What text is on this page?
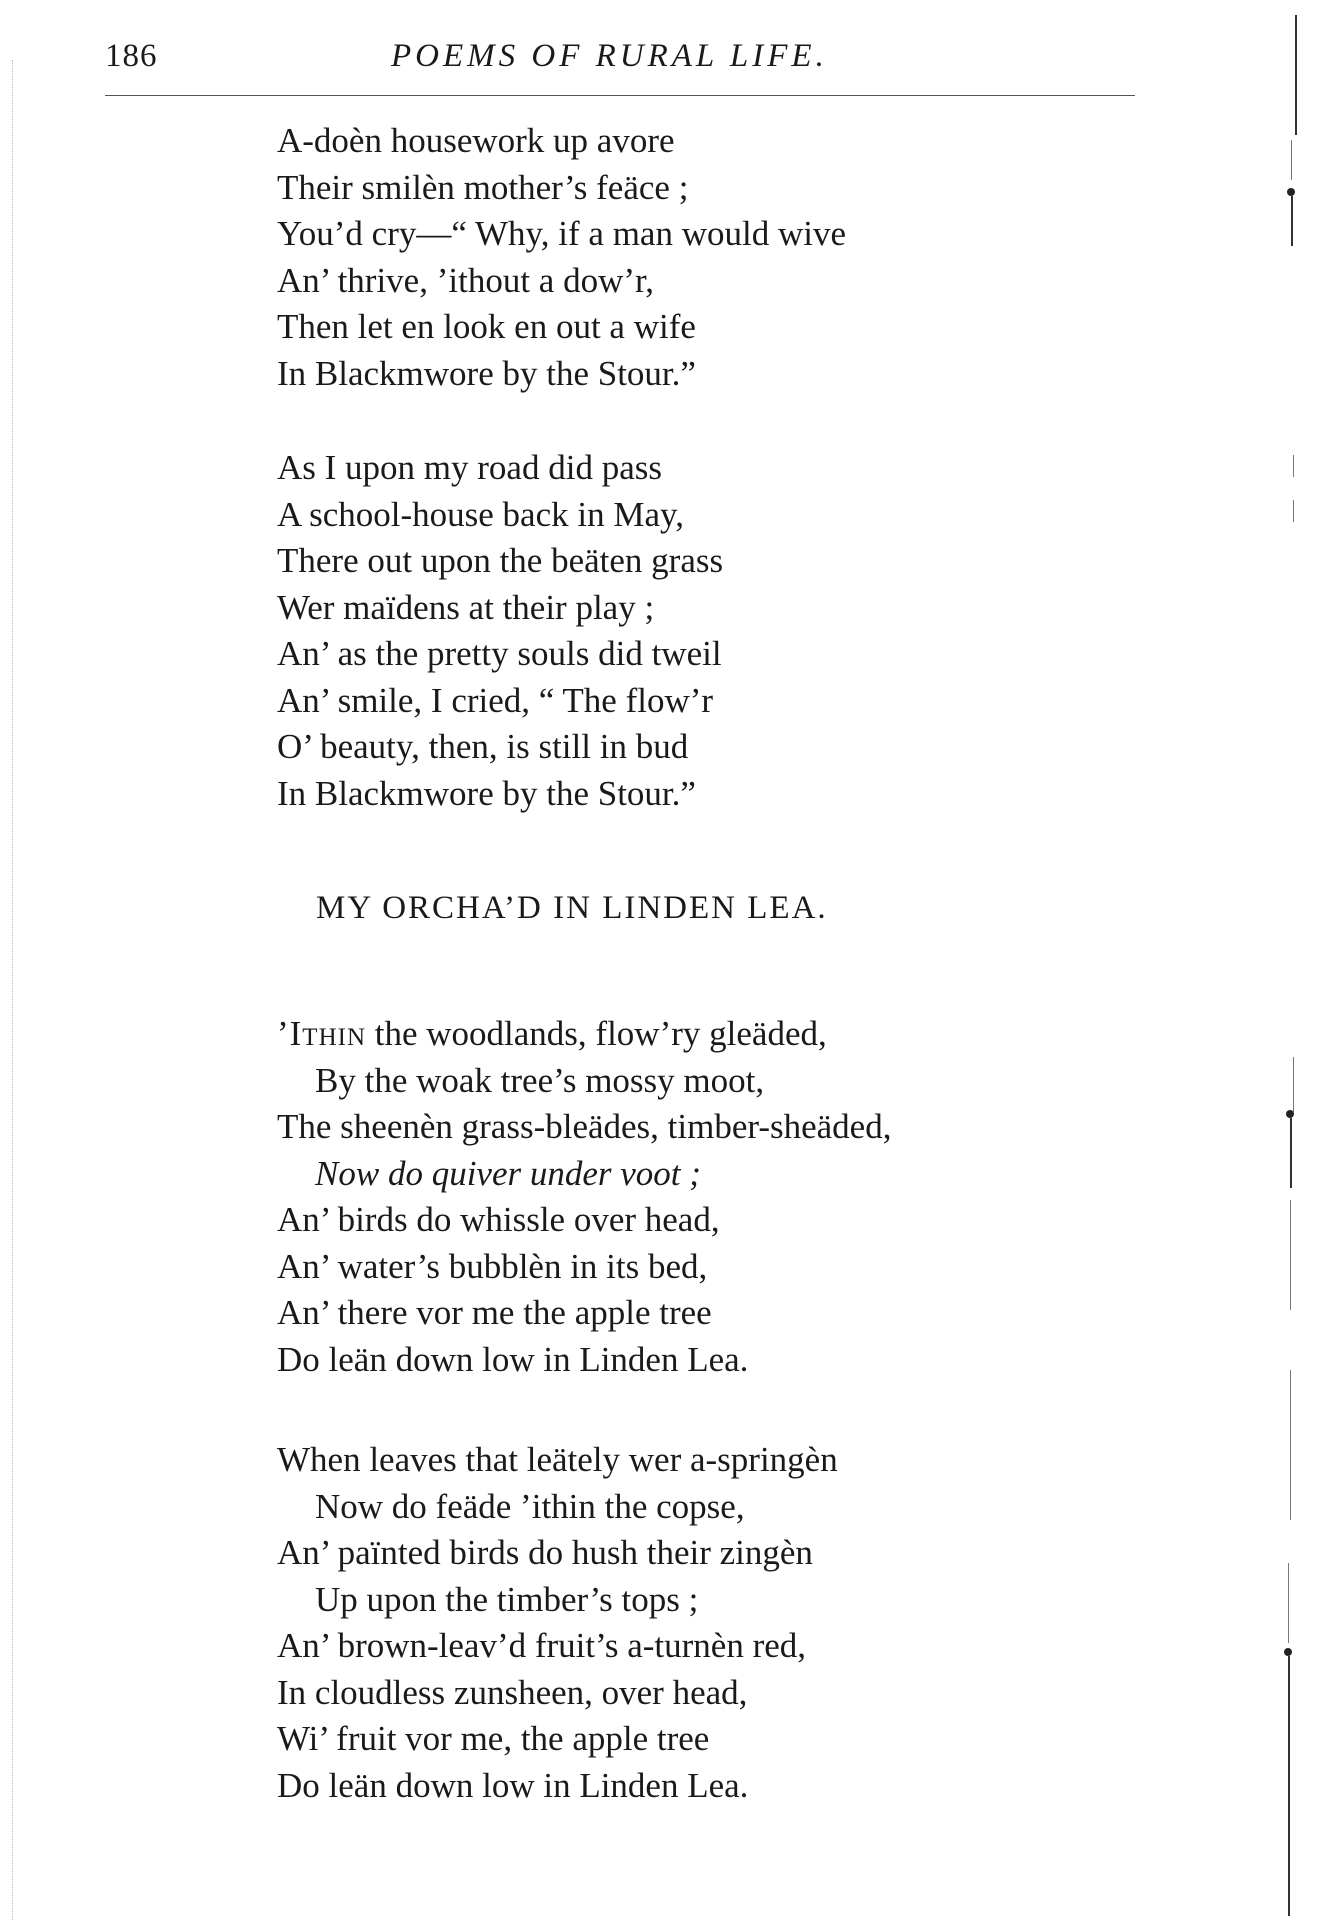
186	POEMS OF RURAL LIFE.
A-doèn housework up avore
Their smilèn mother’s feäce ;
You’d cry—“ Why, if a man would wive
An’ thrive, ’ithout a dow’r,
Then let en look en out a wife
In Blackmwore by the Stour.”
As I upon my road did pass
A school-house back in May,
There out upon the beäten grass
Wer maïdens at their play ;
An’ as the pretty souls did tweil
An’ smile, I cried, “ The flow’r
O’ beauty, then, is still in bud
In Blackmwore by the Stour.”
MY ORCHA’D IN LINDEN LEA.
’Ithin the woodlands, flow’ry gleäded,
By the woak tree’s mossy moot,
The sheenèn grass-bleädes, timber-sheäded,
Now do quiver under voot ;
An’ birds do whissle over head,
An’ water’s bubblèn in its bed,
An’ there vor me the apple tree
Do leän down low in Linden Lea.
When leaves that leätely wer a-springèn
Now do feäde ’ithin the copse,
An’ païnted birds do hush their zingèn
Up upon the timber’s tops ;
An’ brown-leav’d fruit’s a-turnèn red,
In cloudless zunsheen, over head,
Wi’ fruit vor me, the apple tree
Do leän down low in Linden Lea.
